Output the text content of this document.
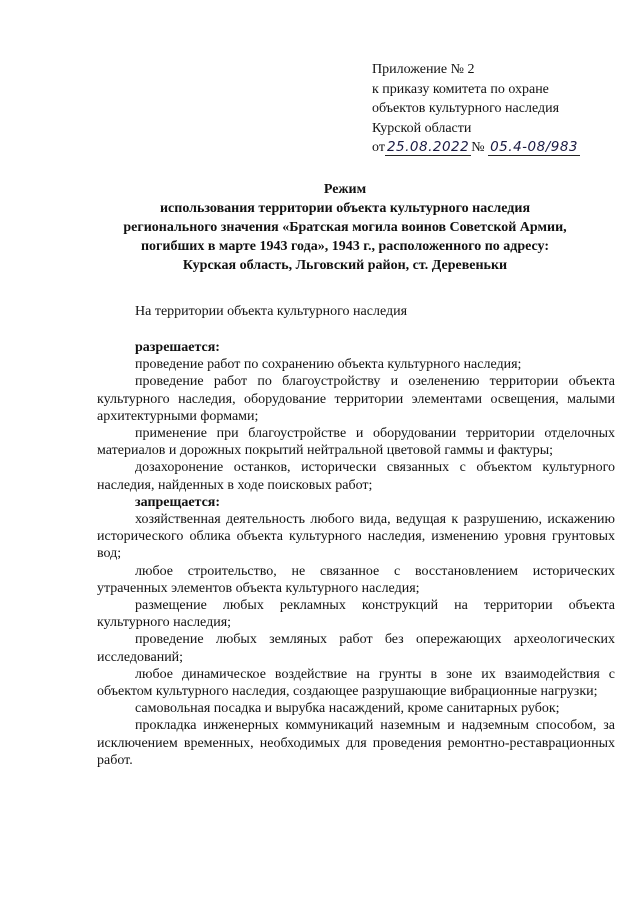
Приложение № 2
к приказу комитета по охране
объектов культурного наследия
Курской области
от 25.08.2022 № 05.4-08/983
Режим
использования территории объекта культурного наследия
регионального значения «Братская могила воинов Советской Армии,
погибших в марте 1943 года», 1943 г., расположенного по адресу:
Курская область, Льговский район, ст. Деревеньки
На территории объекта культурного наследия

разрешается:

проведение работ по сохранению объекта культурного наследия;

проведение работ по благоустройству и озеленению территории объекта культурного наследия, оборудование территории элементами освещения, малыми архитектурными формами;

применение при благоустройстве и оборудовании территории отделочных материалов и дорожных покрытий нейтральной цветовой гаммы и фактуры;

дозахоронение останков, исторически связанных с объектом культурного наследия, найденных в ходе поисковых работ;

запрещается:

хозяйственная деятельность любого вида, ведущая к разрушению, искажению исторического облика объекта культурного наследия, изменению уровня грунтовых вод;

любое строительство, не связанное с восстановлением исторических утраченных элементов объекта культурного наследия;

размещение любых рекламных конструкций на территории объекта культурного наследия;

проведение любых земляных работ без опережающих археологических исследований;

любое динамическое воздействие на грунты в зоне их взаимодействия с объектом культурного наследия, создающее разрушающие вибрационные нагрузки;

самовольная посадка и вырубка насаждений, кроме санитарных рубок;

прокладка инженерных коммуникаций наземным и надземным способом, за исключением временных, необходимых для проведения ремонтно-реставрационных работ.
